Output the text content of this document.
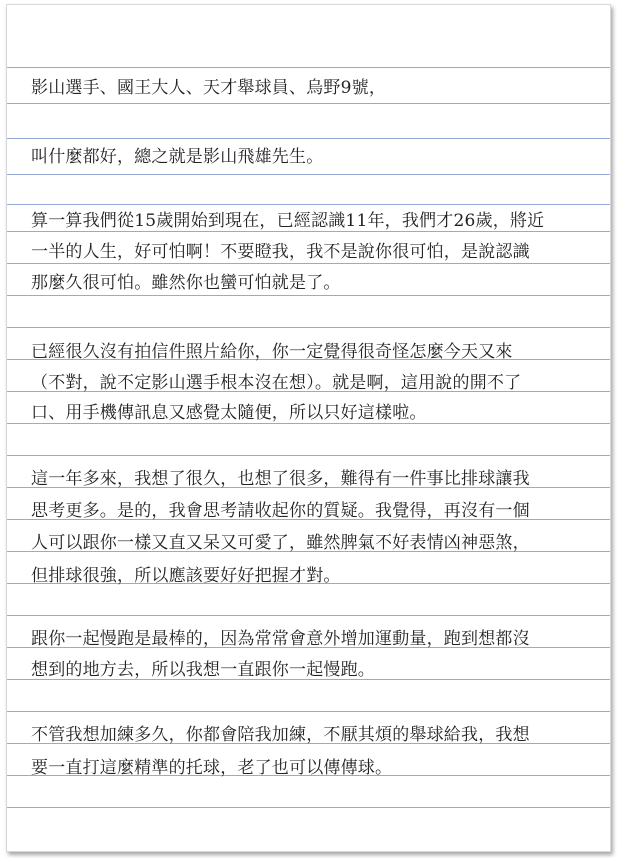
影山選手、國王大人、天才舉球員、烏野9號，
叫什麼都好，總之就是影山飛雄先生。
算一算我們從15歲開始到現在，已經認識11年，我們才26歲，將近
一半的人生，好可怕啊！不要瞪我，我不是說你很可怕，是說認識
那麼久很可怕。雖然你也蠻可怕就是了。
已經很久沒有拍信件照片給你，你一定覺得很奇怪怎麼今天又來
（不對，說不定影山選手根本沒在想）。就是啊，這用說的開不了
口、用手機傳訊息又感覺太隨便，所以只好這樣啦。
這一年多來，我想了很久，也想了很多，難得有一件事比排球讓我
思考更多。是的，我會思考請收起你的質疑。我覺得，再沒有一個
人可以跟你一樣又直又呆又可愛了，雖然脾氣不好表情凶神惡煞，
但排球很強，所以應該要好好把握才對。
跟你一起慢跑是最棒的，因為常常會意外增加運動量，跑到想都沒
想到的地方去，所以我想一直跟你一起慢跑。
不管我想加練多久，你都會陪我加練，不厭其煩的舉球給我，我想
要一直打這麼精準的托球，老了也可以傳傳球。
